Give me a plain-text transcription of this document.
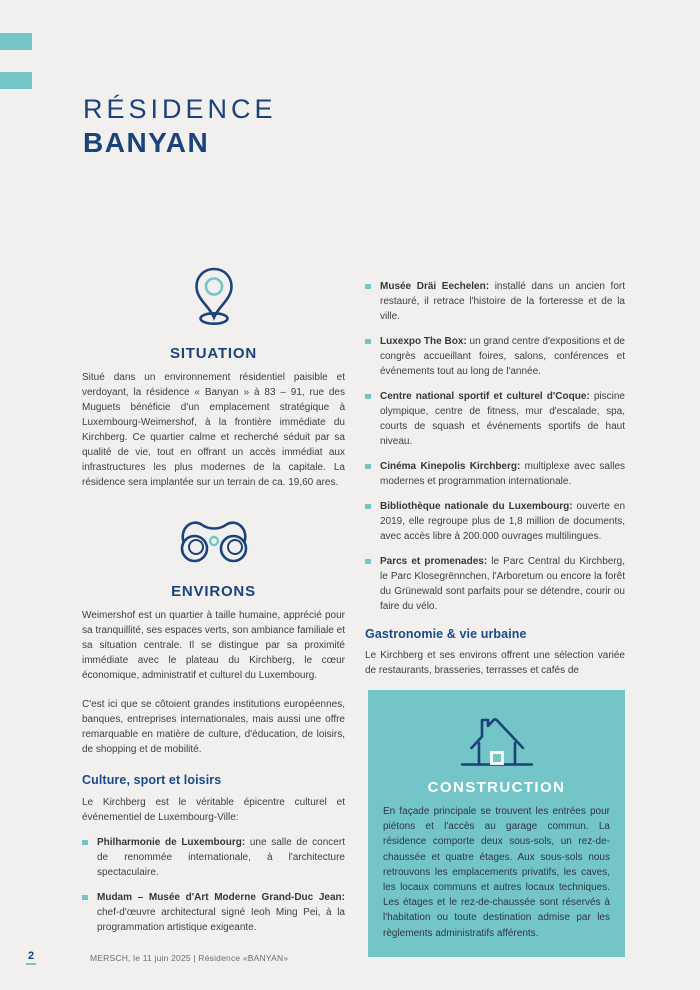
RÉSIDENCE
BANYAN
SITUATION

Situé dans un environnement résidentiel paisible et verdoyant, la résidence « Banyan » à 83 – 91, rue des Muguets bénéficie d'un emplacement stratégique à Luxembourg-Weimershof, à la frontière immédiate du Kirchberg. Ce quartier calme et recherché séduit par sa qualité de vie, tout en offrant un accès immédiat aux infrastructures les plus modernes de la capitale. La résidence sera implantée sur un terrain de ca. 19,60 ares.

ENVIRONS

Weimershof est un quartier à taille humaine, apprécié pour sa tranquillité, ses espaces verts, son ambiance familiale et sa situation centrale. Il se distingue par sa proximité immédiate avec le plateau du Kirchberg, le cœur économique, administratif et culturel du Luxembourg.

C'est ici que se côtoient grandes institutions européennes, banques, entreprises internationales, mais aussi une offre remarquable en matière de culture, d'éducation, de loisirs, de shopping et de mobilité.

Culture, sport et loisirs

Le Kirchberg est le véritable épicentre culturel et événementiel de Luxembourg-Ville:

Philharmonie de Luxembourg: une salle de concert de renommée internationale, à l'architecture spectaculaire.
Mudam – Musée d'Art Moderne Grand-Duc Jean: chef-d'œuvre architectural signé Ieoh Ming Pei, à la programmation artistique exigeante.
Musée Dräi Eechelen: installé dans un ancien fort restauré, il retrace l'histoire de la forteresse et de la ville.
Luxexpo The Box: un grand centre d'expositions et de congrès accueillant foires, salons, conférences et événements tout au long de l'année.
Centre national sportif et culturel d'Coque: piscine olympique, centre de fitness, mur d'escalade, spa, courts de squash et événements sportifs de haut niveau.
Cinéma Kinepolis Kirchberg: multiplexe avec salles modernes et programmation internationale.
Bibliothèque nationale du Luxembourg: ouverte en 2019, elle regroupe plus de 1,8 million de documents, avec accès libre à 200.000 ouvrages multilingues.
Parcs et promenades: le Parc Central du Kirchberg, le Parc Klosegrënnchen, l'Arboretum ou encore la forêt du Grünewald sont parfaits pour se détendre, courir ou faire du vélo.
Gastronomie & vie urbaine

Le Kirchberg et ses environs offrent une sélection variée de restaurants, brasseries, terrasses et cafés de

CONSTRUCTION

En façade principale se trouvent les entrées pour piétons et l'accès au garage commun. La résidence comporte deux sous-sols, un rez-de-chaussée et quatre étages. Aux sous-sols nous retrouvons les emplacements privatifs, les caves, les locaux communs et autres locaux techniques. Les étages et le rez-de-chaussée sont réservés à l'habitation ou toute destination admise par les règlements administratifs afférents.

2	MERSCH, le 11 juin 2025 | Résidence «BANYAN»
